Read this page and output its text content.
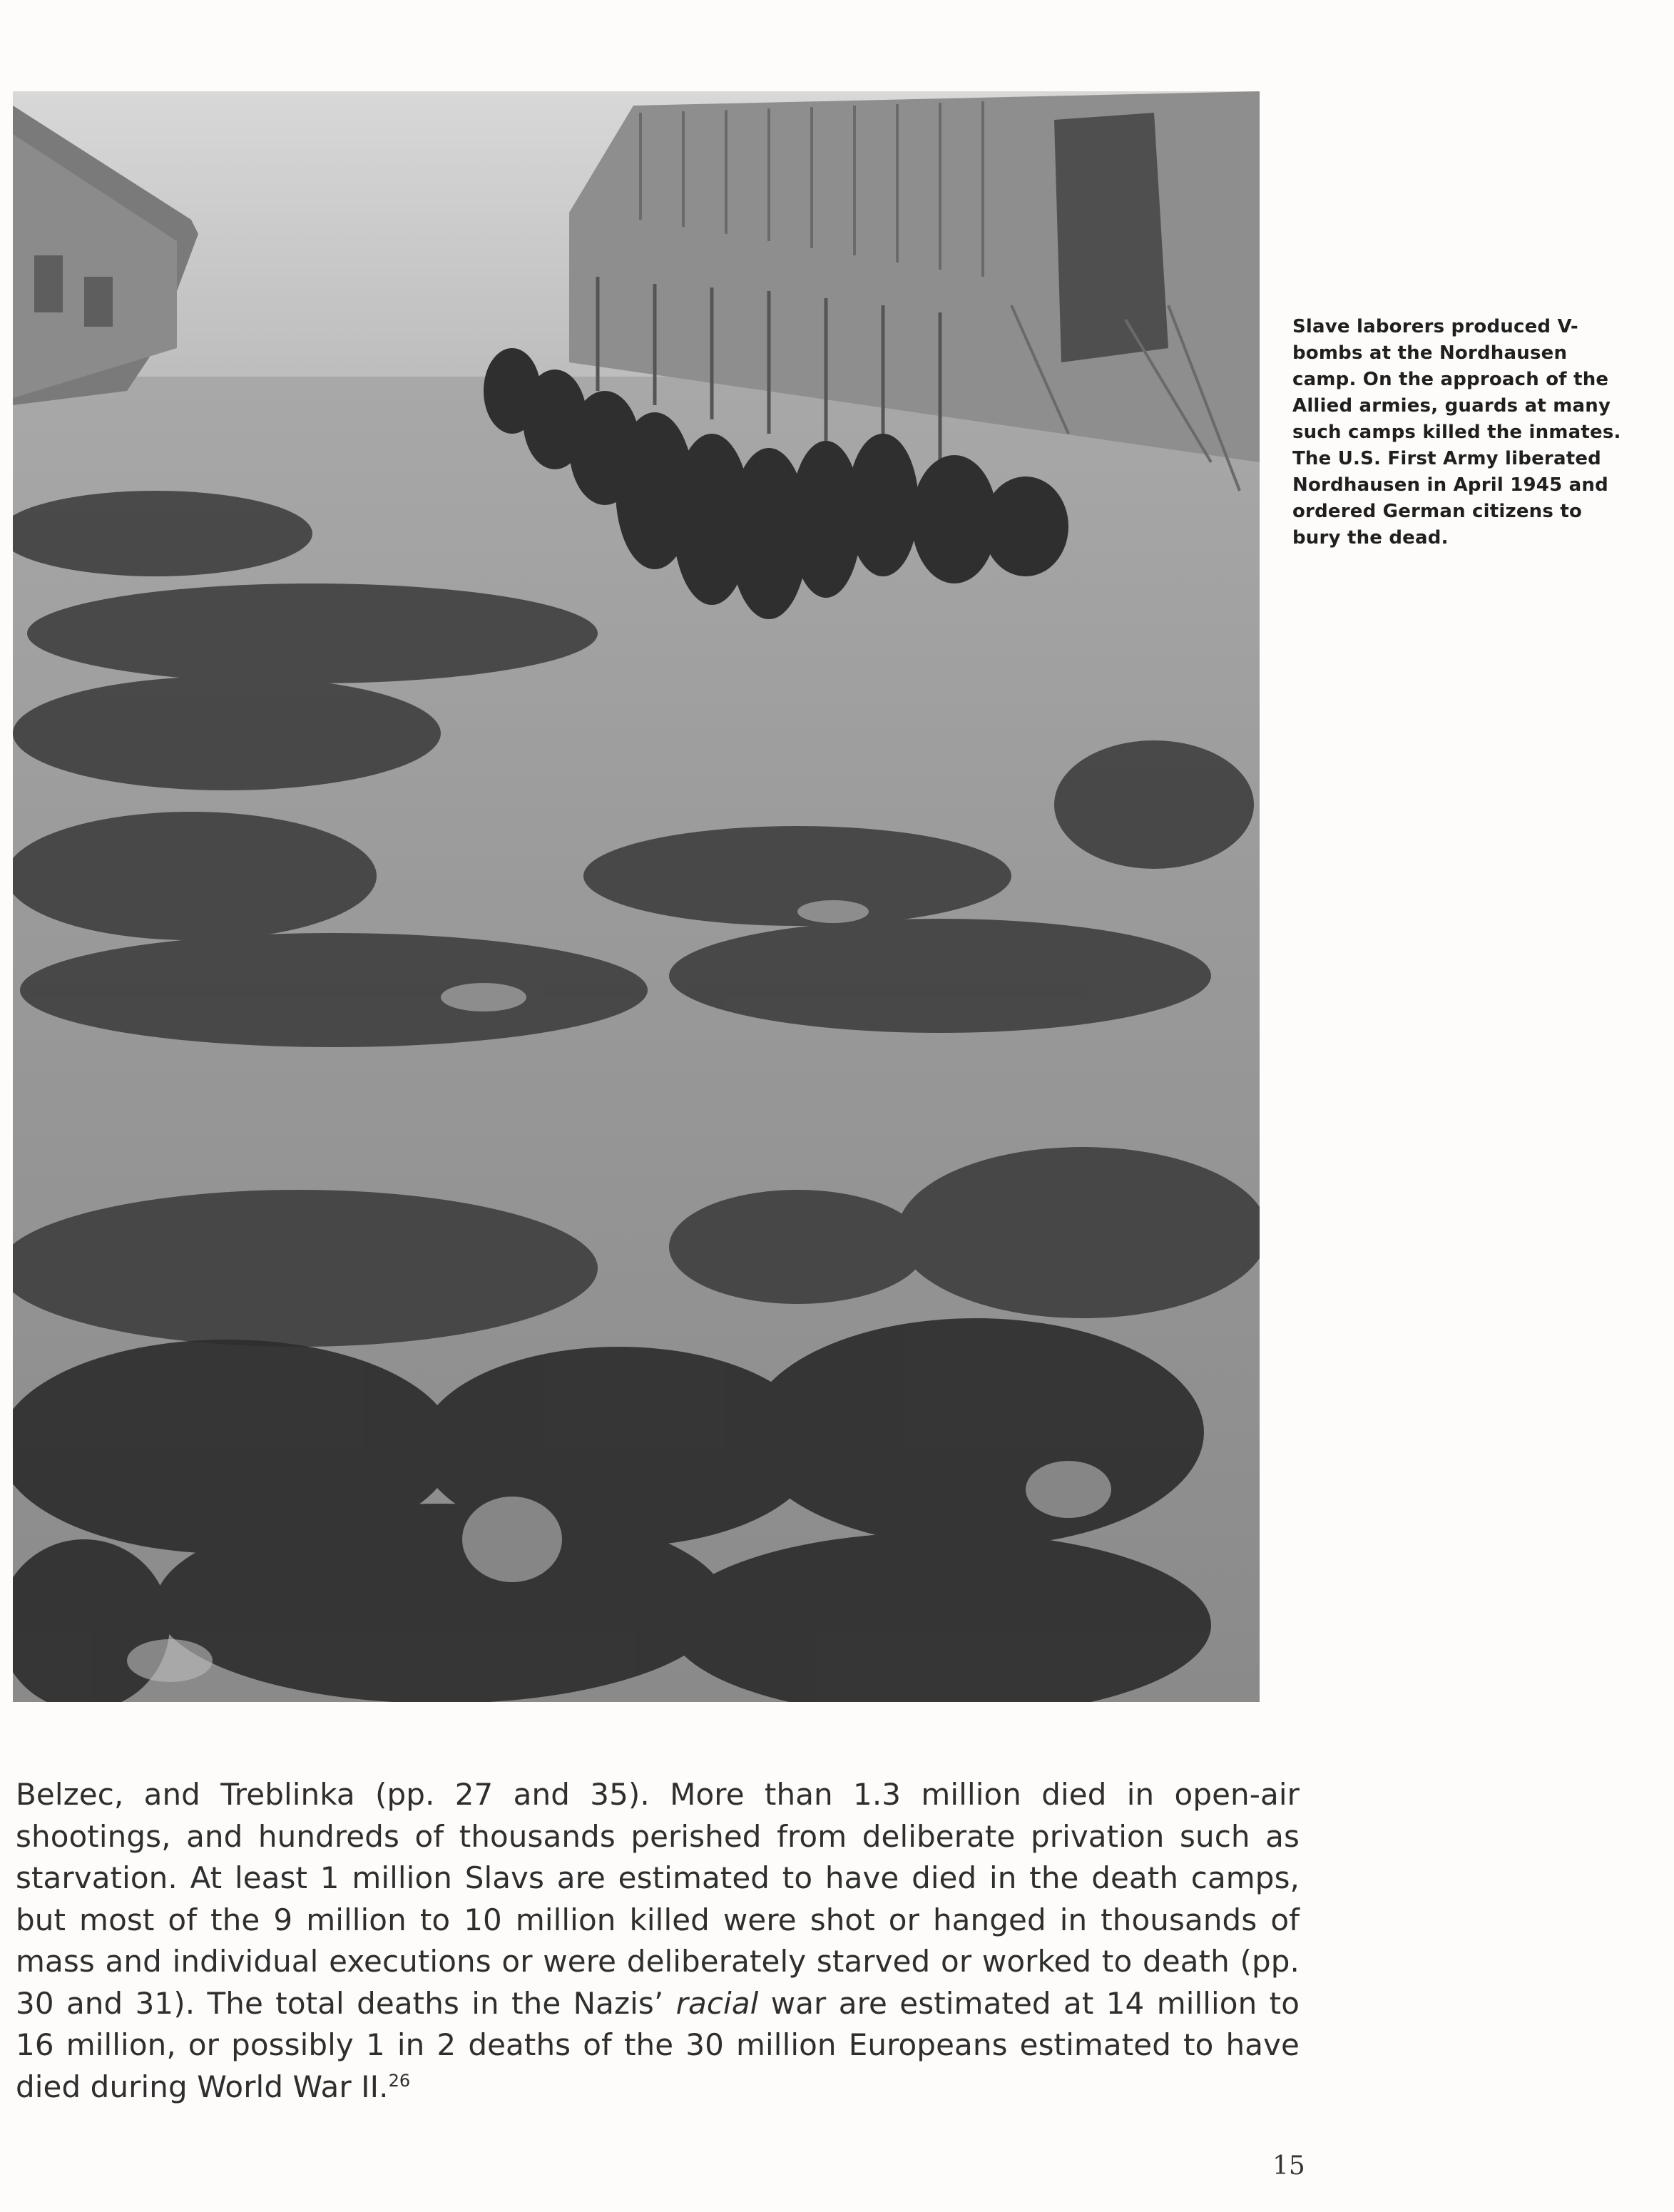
Slave laborers produced V-bombs at the Nordhausen camp. On the approach of the Allied armies, guards at many such camps killed the inmates. The U.S. First Army liberated Nordhausen in April 1945 and ordered German citizens to bury the dead.
Belzec, and Treblinka (pp. 27 and 35). More than 1.3 million died in open-air shootings, and hundreds of thousands perished from deliberate privation such as starvation. At least 1 million Slavs are estimated to have died in the death camps, but most of the 9 million to 10 million killed were shot or hanged in thousands of mass and individual executions or were deliberately starved or worked to death (pp. 30 and 31). The total deaths in the Nazis’ racial war are estimated at 14 million to 16 million, or possibly 1 in 2 deaths of the 30 million Europeans estimated to have died during World War II.$^{26}$
15
